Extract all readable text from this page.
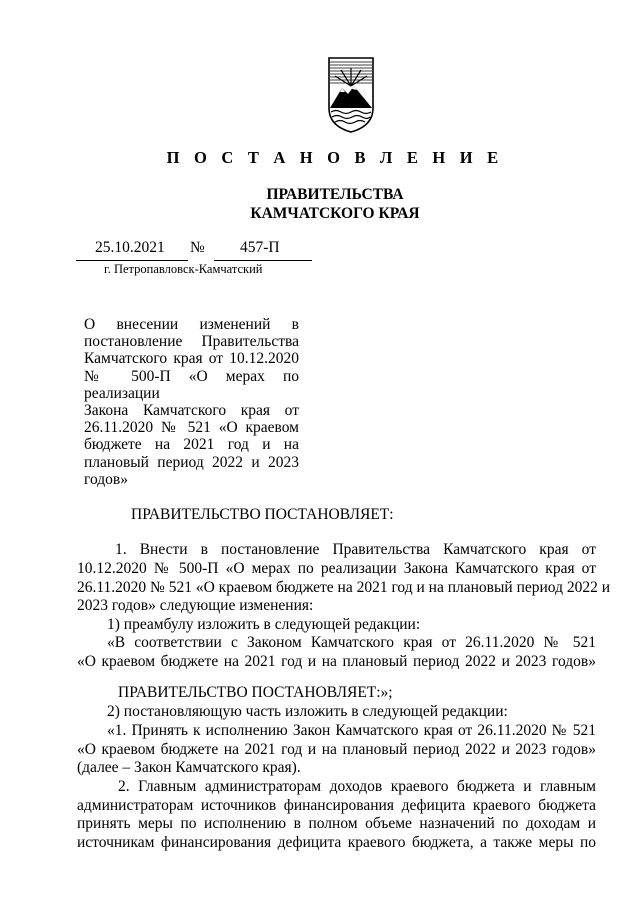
П О С Т А Н О В Л Е Н И Е
ПРАВИТЕЛЬСТВА
КАМЧАТСКОГО КРАЯ
25.10.2021 № 457-П
г. Петропавловск-Камчатский
О внесении изменений в
постановление Правительства
Камчатского края от 10.12.2020
№ 500-П «О мерах по реализации
Закона Камчатского края от
26.11.2020 № 521 «О краевом
бюджете на 2021 год и на
плановый период 2022 и 2023
годов»
ПРАВИТЕЛЬСТВО ПОСТАНОВЛЯЕТ:
1. Внести в постановление Правительства Камчатского края от
10.12.2020 № 500-П «О мерах по реализации Закона Камчатского края от
26.11.2020 № 521 «О краевом бюджете на 2021 год и на плановый период 2022 и
2023 годов» следующие изменения:
1) преамбулу изложить в следующей редакции:
«В соответствии с Законом Камчатского края от 26.11.2020 № 521
«О краевом бюджете на 2021 год и на плановый период 2022 и 2023 годов»
ПРАВИТЕЛЬСТВО ПОСТАНОВЛЯЕТ:»;
2) постановляющую часть изложить в следующей редакции:
«1. Принять к исполнению Закон Камчатского края от 26.11.2020 № 521
«О краевом бюджете на 2021 год и на плановый период 2022 и 2023 годов»
(далее – Закон Камчатского края).
2. Главным администраторам доходов краевого бюджета и главным
администраторам источников финансирования дефицита краевого бюджета
принять меры по исполнению в полном объеме назначений по доходам и
источникам финансирования дефицита краевого бюджета, а также меры по
